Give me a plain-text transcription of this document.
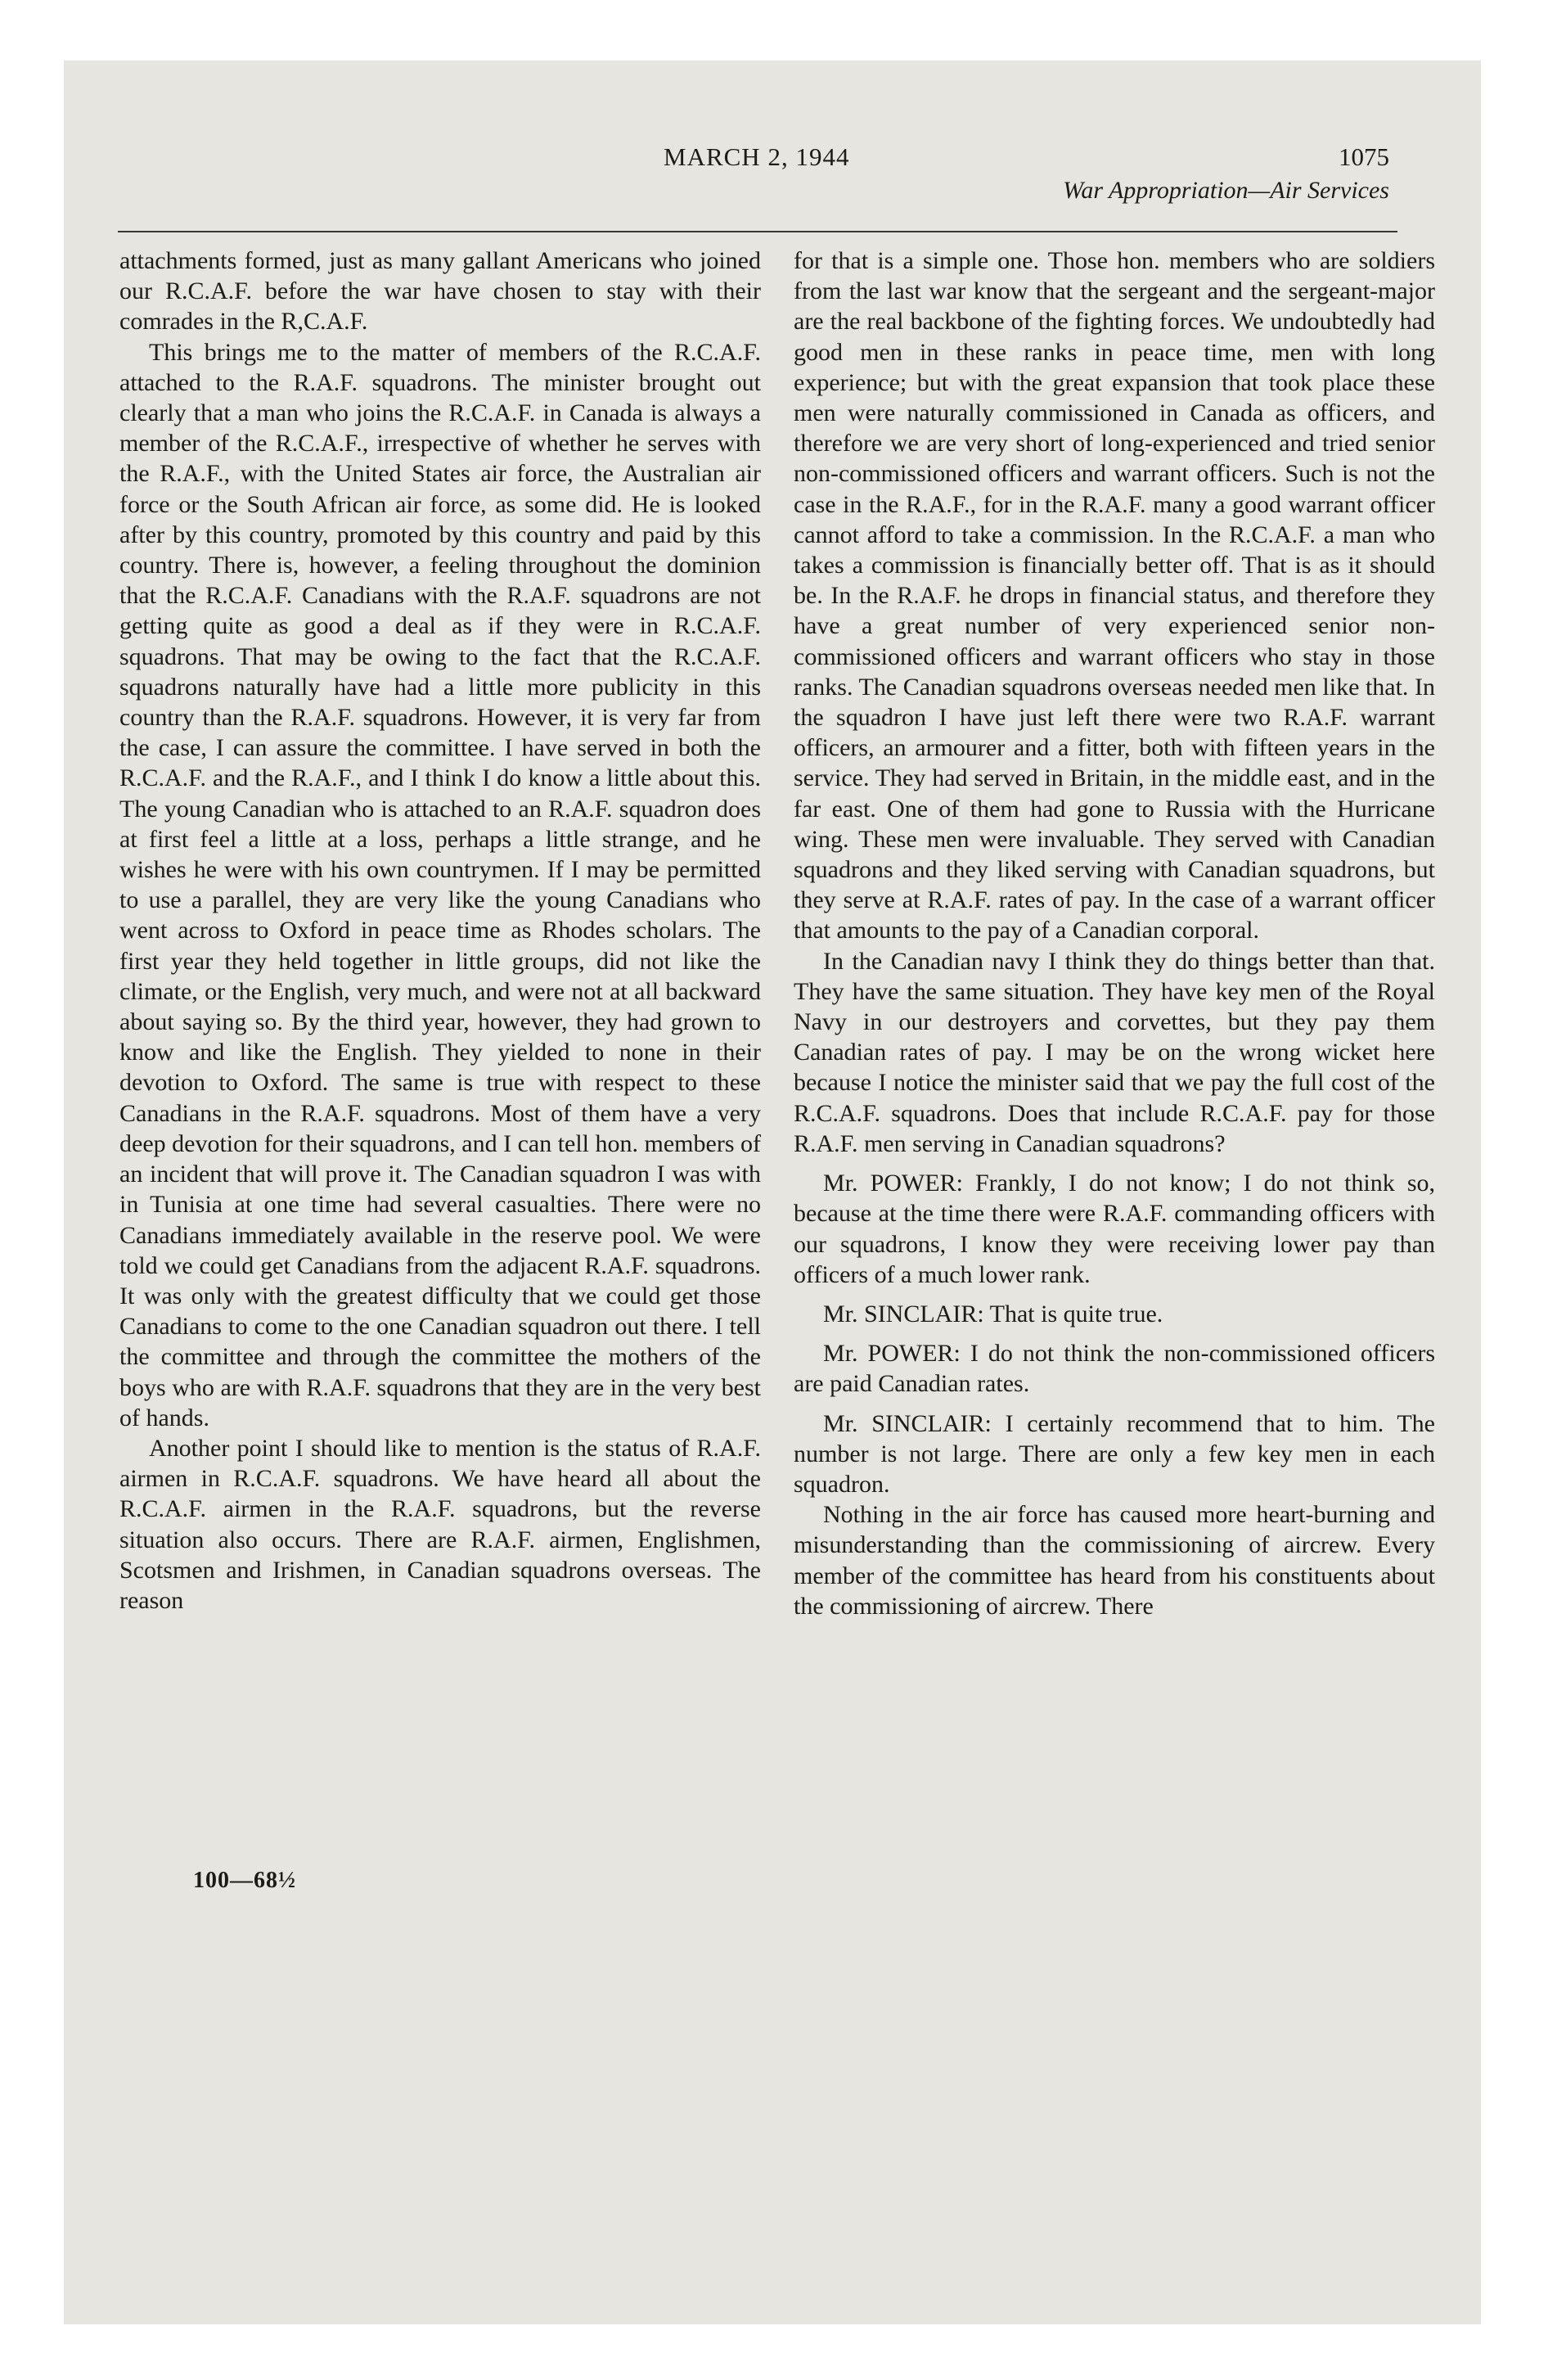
MARCH 2, 1944	1075
War Appropriation—Air Services

attachments formed, just as many gallant Americans who joined our R.C.A.F. before the war have chosen to stay with their comrades in the R,C.A.F.

This brings me to the matter of members of the R.C.A.F. attached to the R.A.F. squadrons. The minister brought out clearly that a man who joins the R.C.A.F. in Canada is always a member of the R.C.A.F., irrespective of whether he serves with the R.A.F., with the United States air force, the Australian air force or the South African air force, as some did. He is looked after by this country, promoted by this country and paid by this country. There is, however, a feeling throughout the dominion that the R.C.A.F. Canadians with the R.A.F. squadrons are not getting quite as good a deal as if they were in R.C.A.F. squadrons. That may be owing to the fact that the R.C.A.F. squadrons naturally have had a little more publicity in this country than the R.A.F. squadrons. However, it is very far from the case, I can assure the committee. I have served in both the R.C.A.F. and the R.A.F., and I think I do know a little about this. The young Canadian who is attached to an R.A.F. squadron does at first feel a little at a loss, perhaps a little strange, and he wishes he were with his own countrymen. If I may be permitted to use a parallel, they are very like the young Canadians who went across to Oxford in peace time as Rhodes scholars. The first year they held together in little groups, did not like the climate, or the English, very much, and were not at all backward about saying so. By the third year, however, they had grown to know and like the English. They yielded to none in their devotion to Oxford. The same is true with respect to these Canadians in the R.A.F. squadrons. Most of them have a very deep devotion for their squadrons, and I can tell hon. members of an incident that will prove it. The Canadian squadron I was with in Tunisia at one time had several casualties. There were no Canadians immediately available in the reserve pool. We were told we could get Canadians from the adjacent R.A.F. squadrons. It was only with the greatest difficulty that we could get those Canadians to come to the one Canadian squadron out there. I tell the committee and through the committee the mothers of the boys who are with R.A.F. squadrons that they are in the very best of hands.

Another point I should like to mention is the status of R.A.F. airmen in R.C.A.F. squadrons. We have heard all about the R.C.A.F. airmen in the R.A.F. squadrons, but the reverse situation also occurs. There are R.A.F. airmen, Englishmen, Scotsmen and Irishmen, in Canadian squadrons overseas. The reason

for that is a simple one. Those hon. members who are soldiers from the last war know that the sergeant and the sergeant-major are the real backbone of the fighting forces. We undoubtedly had good men in these ranks in peace time, men with long experience; but with the great expansion that took place these men were naturally commissioned in Canada as officers, and therefore we are very short of long-experienced and tried senior non-commissioned officers and warrant officers. Such is not the case in the R.A.F., for in the R.A.F. many a good warrant officer cannot afford to take a commission. In the R.C.A.F. a man who takes a commission is financially better off. That is as it should be. In the R.A.F. he drops in financial status, and therefore they have a great number of very experienced senior non-commissioned officers and warrant officers who stay in those ranks. The Canadian squadrons overseas needed men like that. In the squadron I have just left there were two R.A.F. warrant officers, an armourer and a fitter, both with fifteen years in the service. They had served in Britain, in the middle east, and in the far east. One of them had gone to Russia with the Hurricane wing. These men were invaluable. They served with Canadian squadrons and they liked serving with Canadian squadrons, but they serve at R.A.F. rates of pay. In the case of a warrant officer that amounts to the pay of a Canadian corporal.

In the Canadian navy I think they do things better than that. They have the same situation. They have key men of the Royal Navy in our destroyers and corvettes, but they pay them Canadian rates of pay. I may be on the wrong wicket here because I notice the minister said that we pay the full cost of the R.C.A.F. squadrons. Does that include R.C.A.F. pay for those R.A.F. men serving in Canadian squadrons?

Mr. POWER: Frankly, I do not know; I do not think so, because at the time there were R.A.F. commanding officers with our squadrons, I know they were receiving lower pay than officers of a much lower rank.

Mr. SINCLAIR: That is quite true.

Mr. POWER: I do not think the non-commissioned officers are paid Canadian rates.

Mr. SINCLAIR: I certainly recommend that to him. The number is not large. There are only a few key men in each squadron.

Nothing in the air force has caused more heart-burning and misunderstanding than the commissioning of aircrew. Every member of the committee has heard from his constituents about the commissioning of aircrew. There

100—68½
